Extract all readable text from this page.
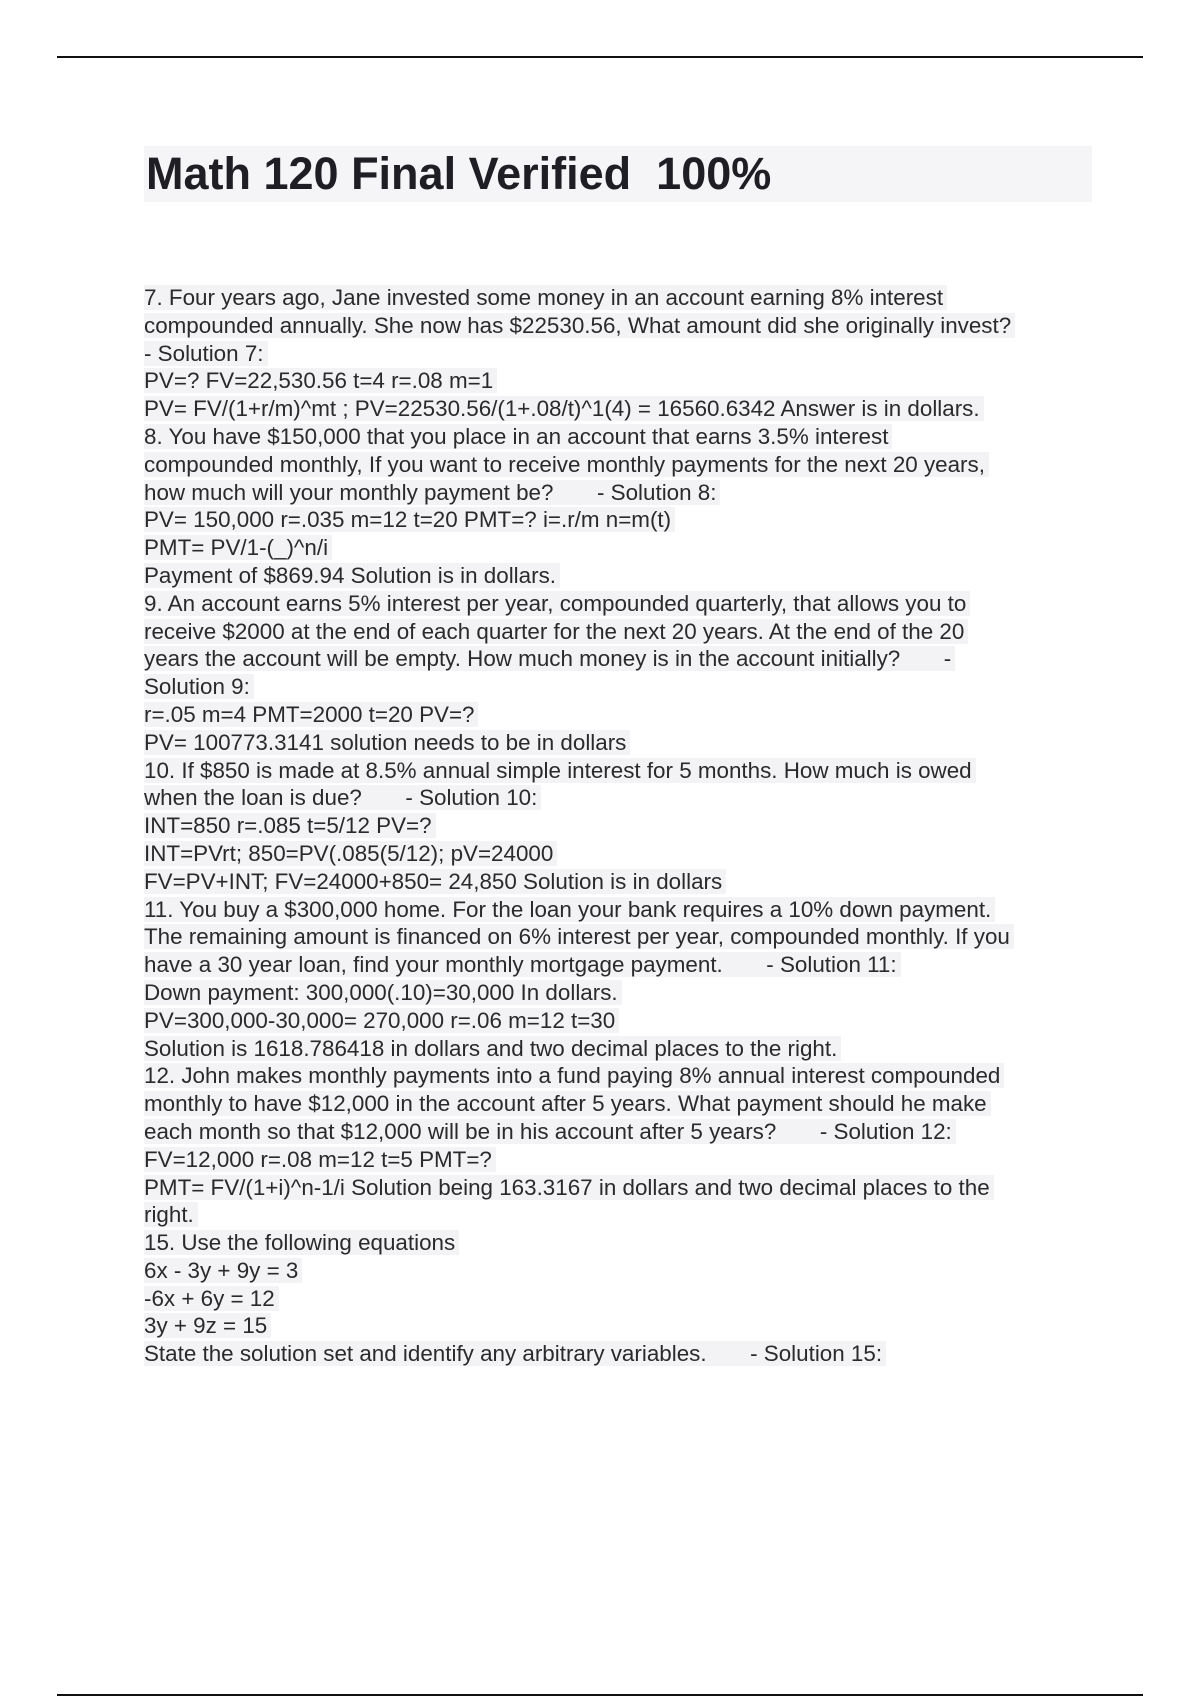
Math 120 Final Verified  100%
7. Four years ago, Jane invested some money in an account earning 8% interest
compounded annually. She now has $22530.56, What amount did she originally invest?
- Solution 7:
PV=? FV=22,530.56 t=4 r=.08 m=1
PV= FV/(1+r/m)^mt ; PV=22530.56/(1+.08/t)^1(4) = 16560.6342 Answer is in dollars.
8. You have $150,000 that you place in an account that earns 3.5% interest
compounded monthly, If you want to receive monthly payments for the next 20 years,
how much will your monthly payment be?       - Solution 8:
PV= 150,000 r=.035 m=12 t=20 PMT=? i=.r/m n=m(t)
PMT= PV/1-(_)^n/i
Payment of $869.94 Solution is in dollars.
9. An account earns 5% interest per year, compounded quarterly, that allows you to
receive $2000 at the end of each quarter for the next 20 years. At the end of the 20
years the account will be empty. How much money is in the account initially?       -
Solution 9:
r=.05 m=4 PMT=2000 t=20 PV=?
PV= 100773.3141 solution needs to be in dollars
10. If $850 is made at 8.5% annual simple interest for 5 months. How much is owed
when the loan is due?       - Solution 10:
INT=850 r=.085 t=5/12 PV=?
INT=PVrt; 850=PV(.085(5/12); pV=24000
FV=PV+INT; FV=24000+850= 24,850 Solution is in dollars
11. You buy a $300,000 home. For the loan your bank requires a 10% down payment.
The remaining amount is financed on 6% interest per year, compounded monthly. If you
have a 30 year loan, find your monthly mortgage payment.       - Solution 11:
Down payment: 300,000(.10)=30,000 In dollars.
PV=300,000-30,000= 270,000 r=.06 m=12 t=30
Solution is 1618.786418 in dollars and two decimal places to the right.
12. John makes monthly payments into a fund paying 8% annual interest compounded
monthly to have $12,000 in the account after 5 years. What payment should he make
each month so that $12,000 will be in his account after 5 years?       - Solution 12:
FV=12,000 r=.08 m=12 t=5 PMT=?
PMT= FV/(1+i)^n-1/i Solution being 163.3167 in dollars and two decimal places to the
right.
15. Use the following equations
6x - 3y + 9y = 3
-6x + 6y = 12
3y + 9z = 15
State the solution set and identify any arbitrary variables.       - Solution 15:
